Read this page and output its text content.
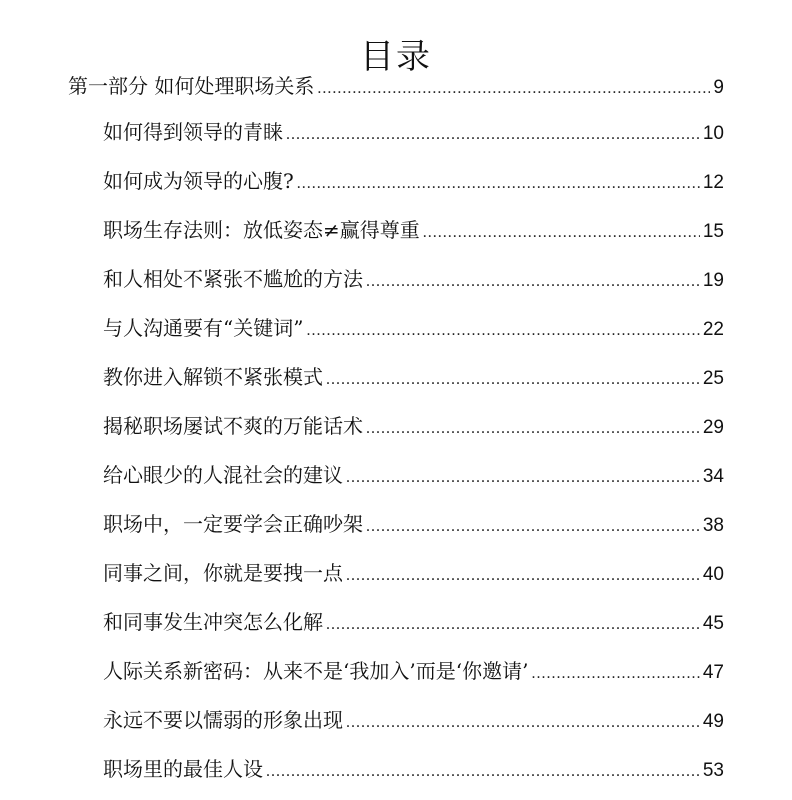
目录
第一部分 如何处理职场关系 .....	9
如何得到领导的青睐 .....	10
如何成为领导的心腹? .....	12
职场生存法则：放低姿态≠赢得尊重 .....	15
和人相处不紧张不尴尬的方法 .....	19
与人沟通要有“关键词” .....	22
教你进入解锁不紧张模式 .....	25
揭秘职场屡试不爽的万能话术 .....	29
给心眼少的人混社会的建议 .....	34
职场中，一定要学会正确吵架 .....	38
同事之间，你就是要拽一点 .....	40
和同事发生冲突怎么化解 .....	45
人际关系新密码：从来不是‘我加入’而是‘你邀请’ .....	47
永远不要以懦弱的形象出现 .....	49
职场里的最佳人设 .....	53
